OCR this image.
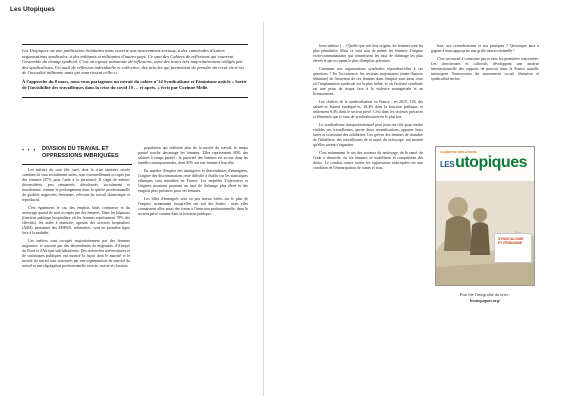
Les Utopiques

Les Utopiques est une publication Solidaires mais ouverte aux mouvements sociaux, à des camarades d'autres organisations syndicales, à des militants et militantes d'autres pays. Ce sont des Cahiers de réflexions qui couvrent l'ensemble du champ syndical. C'est un espace autonome de réflexions, avec des textes très majoritairement rédigés par des syndicalistes. Un outil de réflexion individuelle et collective, des articles qui permettent de prendre du recul vis-à-vis de l'actualité militante mais qui nourrissent celle-ci.

À l'approche du 8 mars, nous vous partageons un extrait du cahier n°14 Syndicalisme et Féminisme article « Sortir de l'invisibilité des travailleuses dans la crise du covid 19 … et après. » écrit par Corinne Mellé.

• • • DIVISION DU TRAVAIL ET OPPRESSIONS IMBRIQUÉES

Les métiers du soin (dit care) dont la crise sanitaire recrée combien ils sont socialement utiles, sont essentiellement occupés par des femmes (87% pour l'aide à la personne). Il s'agit de métiers déconsidérés, peu rémunérés, dévalorisés, socialement et moralement, comme le prolongement dans la sphère professionnelle de qualités supposées féminines, relevant du travail domestique et reproductif.

C'est également le cas des emplois bâtis commerce et du nettoyage quand ils sont occupés par des femmes. Dans les hôpitaux (fonction publique hospitalière où les femmes représentent 78% des effectifs), les aides à domicile, agentes des services hospitaliers (ASH), personnel des EHPAD, infirmières, sont en première ligne face à la maladie.

Ces métiers sont occupés majoritairement par des femmes migrantes, et souvent par des descendantes de migrantes, d'Afrique du Nord et d'Afrique sub-saharienne. Des recherches universitaires et de statistiques publiques ont montré la façon dont le marché et le monde du travail sont structurés par une segmentation du marché du travail et une ségrégation professionnelle sexiste, raciste et classiste.

population qui réalisent plus de la moitié du travail, le temps partiel touche davantage les femmes. Elles représentent 80% des salariés à temps partiel ; la pauvreté des femmes est accrue dans les familles monoparentales, dont 85% ont une femme à leur tête.

En matière d'emploi des immigrées et descendantes d'immigrées, l'origine des discriminations reste difficile à établir car les statistiques ethniques sont interdites en France. Les enquêtes Trajectoires et Origines montrent pourtant un taux de chômage plus élevé et des emplois plus précaires pour ces femmes.

Les filles d'immigrés sont ou peu mieux lotées sur le plan de l'emploi, notamment lorsqu'elles ont fait des études ; mais elles connaissent elles aussi des freins à l'insertion professionnelle, dans le secteur privé comme dans la fonction publique.

leurs métiers […] Quelle que soit leur origine, les femmes sont les plus pénalisées. Mais ce sont tout de même les femmes d'origine extra-communautaire qui connaissent les taux de chômage les plus élevés et qui occupent le plus d'emplois précaires.

Comment nos organisations syndicales répondent-elles à ces questions ? En l'occurrence, les secteurs majoritaires (main-d'œuvre féminine) de l'insertion de ces femmes dans l'emploi sont aussi ceux où l'implantation syndicale est la plus faible, et où l'activité syndicale est une prise de risque face à la violence managériale et au licenciement.

Les chiffres de la syndicalisation en France : en 2019, 11% des salarié·es étaient syndiqué·es, 18,4% dans la fonction publique, et seulement 8,4% dans le secteur privé. C'est dans les secteurs précaires et féminisés que le taux de syndicalisation est le plus bas.

Le syndicalisme interprofessionnel peut jouer un rôle pour rendre visibles ces travailleuses, porter leurs revendications, appuyer leurs luttes et construire des solidarités. Les grèves des femmes de chambre de l'hôtellerie, des travailleuses de la santé, du nettoyage, ont montré qu'elles savent s'organiser.

C'est notamment le cas des secteurs du nettoyage, de la santé, de l'aide à domicile, où les femmes se mobilisent et conquièrent des droits. Le combat contre toutes les oppressions imbriquées est une condition de l'émancipation de toutes et tous.

bats, nos revendications et nos pratiques ? Quiconque aura à gagner à nous approprier une grille intersectionnelle !

C'est un travail à construire pas et avec les premières concernées. Les chercheuses et collectifs développent une analyse intersectionnelle des rapports de pouvoir dans la France actuelle interrogent l'intersection du mouvement social, féministe et syndicaliste inclus.

CAHIER DE RÉFLEXIONS
LESutopiques
SYNDICALISME ET FÉMINISME
Pour lire l'intégralité du texte :
lesutopiques.org/
